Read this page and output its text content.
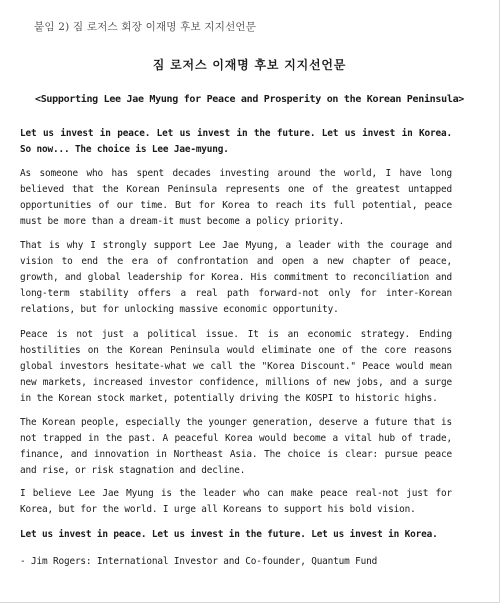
붙임 2) 짐 로저스 회장 이재명 후보 지지선언문
짐 로저스 이재명 후보 지지선언문
<Supporting Lee Jae Myung for Peace and Prosperity on the Korean Peninsula>
Let us invest in peace. Let us invest in the future. Let us invest in Korea. So now... The choice is Lee Jae-myung.
As someone who has spent decades investing around the world, I have long believed that the Korean Peninsula represents one of the greatest untapped opportunities of our time. But for Korea to reach its full potential, peace must be more than a dream-it must become a policy priority.
That is why I strongly support Lee Jae Myung, a leader with the courage and vision to end the era of confrontation and open a new chapter of peace, growth, and global leadership for Korea. His commitment to reconciliation and long-term stability offers a real path forward-not only for inter-Korean relations, but for unlocking massive economic opportunity.
Peace is not just a political issue. It is an economic strategy. Ending hostilities on the Korean Peninsula would eliminate one of the core reasons global investors hesitate-what we call the "Korea Discount." Peace would mean new markets, increased investor confidence, millions of new jobs, and a surge in the Korean stock market, potentially driving the KOSPI to historic highs.
The Korean people, especially the younger generation, deserve a future that is not trapped in the past. A peaceful Korea would become a vital hub of trade, finance, and innovation in Northeast Asia. The choice is clear: pursue peace and rise, or risk stagnation and decline.
I believe Lee Jae Myung is the leader who can make peace real-not just for Korea, but for the world. I urge all Koreans to support his bold vision.
Let us invest in peace. Let us invest in the future. Let us invest in Korea.
- Jim Rogers: International Investor and Co-founder, Quantum Fund
